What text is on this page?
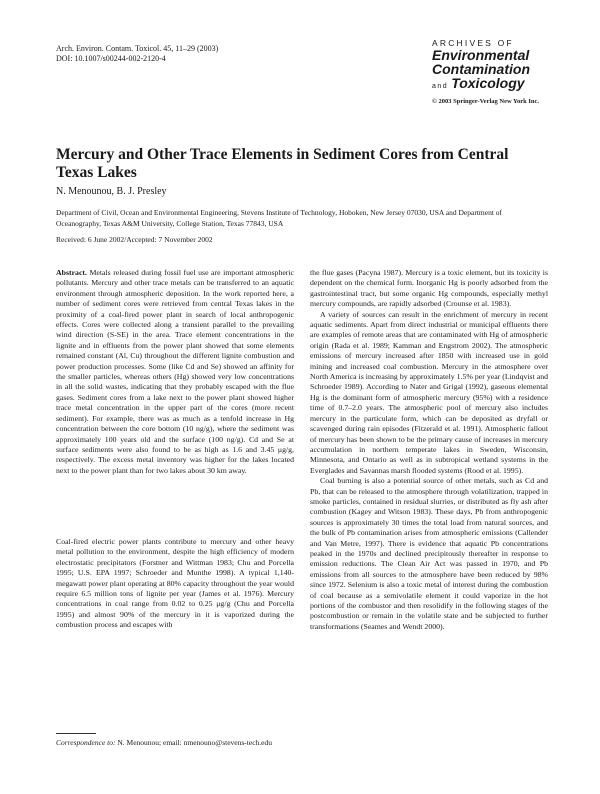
Arch. Environ. Contam. Toxicol. 45, 11–29 (2003)
DOI: 10.1007/s00244-002-2120-4
ARCHIVES OF
Environmental
Contamination
and Toxicology
© 2003 Springer-Verlag New York Inc.
Mercury and Other Trace Elements in Sediment Cores from Central Texas Lakes
N. Menounou, B. J. Presley
Department of Civil, Ocean and Environmental Engineering, Stevens Institute of Technology, Hoboken, New Jersey 07030, USA and Department of Oceanography, Texas A&M University, College Station, Texas 77843, USA
Received: 6 June 2002/Accepted: 7 November 2002

Abstract. Metals released during fossil fuel use are important atmospheric pollutants. Mercury and other trace metals can be transferred to an aquatic environment through atmospheric deposition. In the work reported here, a number of sediment cores were retrieved from central Texas lakes in the proximity of a coal-fired power plant in search of local anthropogenic effects. Cores were collected along a transient parallel to the prevailing wind direction (S-SE) in the area. Trace element concentrations in the lignite and in effluents from the power plant showed that some elements remained constant (Al, Cu) throughout the different lignite combustion and power production processes. Some (like Cd and Se) showed an affinity for the smaller particles, whereas others (Hg) showed very low concentrations in all the solid wastes, indicating that they probably escaped with the flue gases. Sediment cores from a lake next to the power plant showed higher trace metal concentration in the upper part of the cores (more recent sediment). For example, there was as much as a tenfold increase in Hg concentration between the core bottom (10 ng/g), where the sediment was approximately 100 years old and the surface (100 ng/g). Cd and Se at surface sediments were also found to be as high as 1.6 and 3.45 μg/g, respectively. The excess metal inventory was higher for the lakes located next to the power plant than for two lakes about 30 km away.

Coal-fired electric power plants contribute to mercury and other heavy metal pollution to the environment, despite the high efficiency of modern electrostatic precipitators (Forstner and Wittman 1983; Chu and Porcella 1995; U.S. EPA 1997; Schroeder and Munthe 1998). A typical 1,140-megawatt power plant operating at 80% capacity throughout the year would require 6.5 million tons of lignite per year (James et al. 1976). Mercury concentrations in coal range from 0.02 to 0.25 μg/g (Chu and Porcella 1995) and almost 90% of the mercury in it is vaporized during the combustion process and escapes with

Correspondence to: N. Menounou; email: nmenouno@stevens-tech.edu

the flue gases (Pacyna 1987). Mercury is a toxic element, but its toxicity is dependent on the chemical form. Inorganic Hg is poorly adsorbed from the gastrointestinal tract, but some organic Hg compounds, especially methyl mercury compounds, are rapidly adsorbed (Crounse et al. 1983).

A variety of sources can result in the enrichment of mercury in recent aquatic sediments. Apart from direct industrial or municipal effluents there are examples of remote areas that are contaminated with Hg of atmospheric origin (Rada et al. 1989; Kamman and Engstrom 2002). The atmospheric emissions of mercury increased after 1850 with increased use in gold mining and increased coal combustion. Mercury in the atmosphere over North America is increasing by approximately 1.5% per year (Lindqvist and Schroeder 1989). According to Nater and Grigal (1992), gaseous elemental Hg is the dominant form of atmospheric mercury (95%) with a residence time of 0.7–2.0 years. The atmospheric pool of mercury also includes mercury in the particulate form, which can be deposited as dryfall or scavenged during rain episodes (Fitzerald et al. 1991). Atmospheric fallout of mercury has been shown to be the primary cause of increases in mercury accumulation in northern temperate lakes in Sweden, Wisconsin, Minnesota, and Ontario as well as in subtropical wetland systems in the Everglades and Savannas marsh flooded systems (Rood et al. 1995).

Coal burning is also a potential source of other metals, such as Cd and Pb, that can be released to the atmosphere through volatilization, trapped in smoke particles, contained in residual slurries, or distributed as fly ash after combustion (Kagey and Witson 1983). These days, Pb from anthropogenic sources is approximately 30 times the total load from natural sources, and the bulk of Pb contamination arises from atmospheric emissions (Callender and Van Metre, 1997). There is evidence that aquatic Pb concentrations peaked in the 1970s and declined precipitously thereafter in response to emission reductions. The Clean Air Act was passed in 1970, and Pb emissions from all sources to the atmosphere have been reduced by 98% since 1972. Selenium is also a toxic metal of interest during the combustion of coal because as a semivolatile element it could vaporize in the hot portions of the combustor and then resolidify in the following stages of the postcombustion or remain in the volatile state and be subjected to further transformations (Seames and Wendt 2000).
